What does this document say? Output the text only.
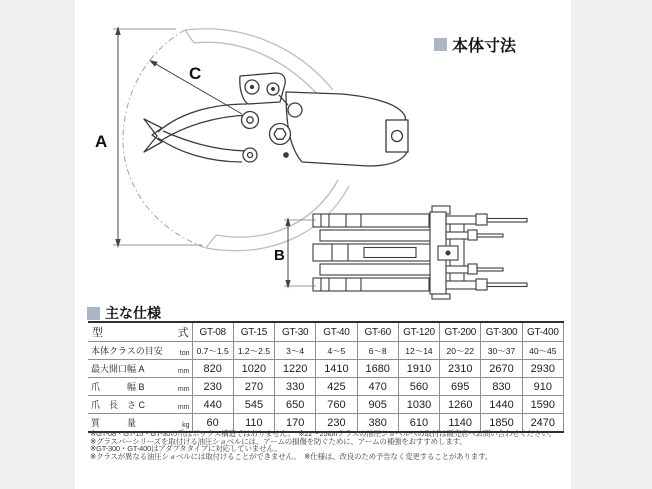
A
C
B
本体寸法
主な仕様
型 式	GT-08	GT-15	GT-30	GT-40	GT-60	GT-120	GT-200	GT-300	GT-400
本体クラスの目安 ton	0.7〜1.5	1.2〜2.5	3〜4	4〜5	6〜8	12〜14	20〜22	30〜37	40〜45
最大開口幅 A mm	820	1020	1220	1410	1680	1910	2310	2670	2930
爪　　　幅 B mm	230	270	330	425	470	560	695	830	910
爪　長　さ C mm	440	545	650	760	905	1030	1260	1440	1590
質　　　量 kg	60	110	170	230	380	610	1140	1850	2470
※GT-08・GT-15・GT-30の爪はボックス構造ではありません。　※22〜25tonクラスの油圧ショベルへの取付は販売店へお問い合わせください。
※グラスパーシリーズを取付ける油圧ショベルには、アームの損傷を防ぐために、アームの補強をおすすめします。
※GT-300・GT-400はアダプタタイプに対応していません。
※クラスが異なる油圧ショベルには取付けることができません。　※仕様は、改良のため予告なく変更することがあります。
